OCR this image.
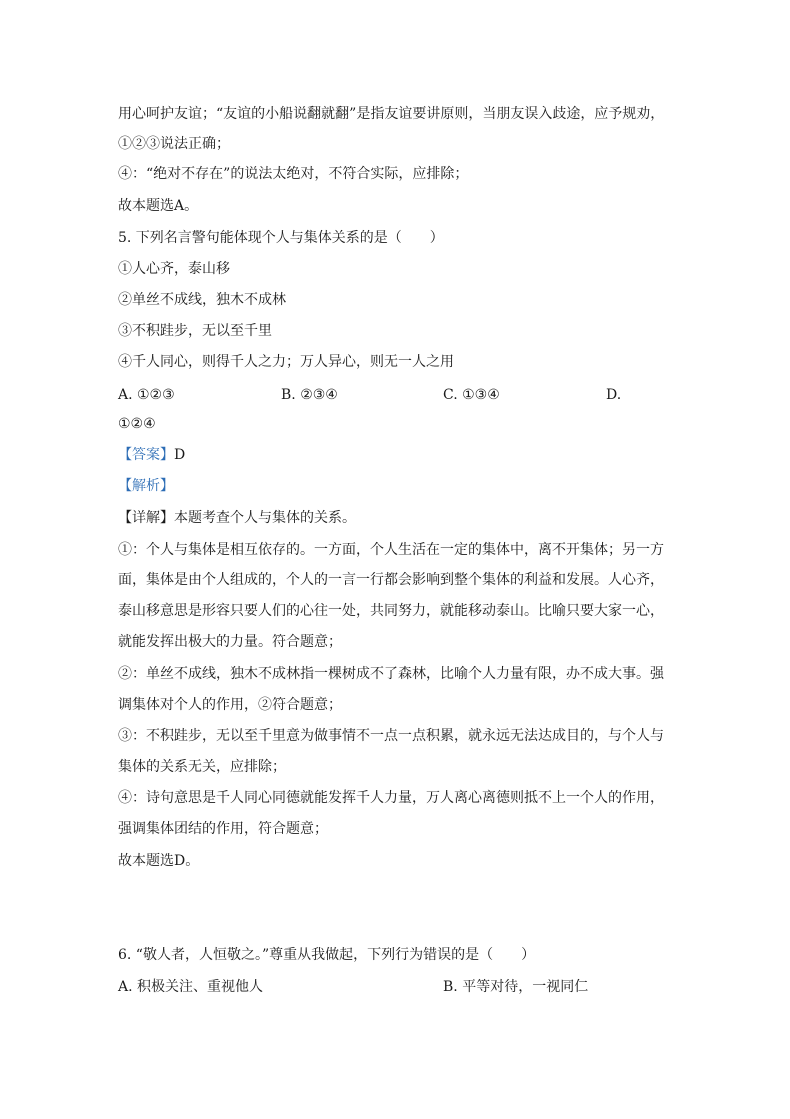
用心呵护友谊；“友谊的小船说翻就翻”是指友谊要讲原则，当朋友误入歧途，应予规劝，
①②③说法正确；
④：“绝对不存在”的说法太绝对，不符合实际，应排除；
故本题选A。
5. 下列名言警句能体现个人与集体关系的是（　　）
①人心齐，泰山移
②单丝不成线，独木不成林
③不积跬步，无以至千里
④千人同心，则得千人之力；万人异心，则无一人之用
A. ①②③	B. ②③④	C. ①③④	D.
①②④
【答案】D
【解析】
【详解】本题考查个人与集体的关系。
①：个人与集体是相互依存的。一方面，个人生活在一定的集体中，离不开集体；另一方
面，集体是由个人组成的，个人的一言一行都会影响到整个集体的利益和发展。人心齐，
泰山移意思是形容只要人们的心往一处，共同努力，就能移动泰山。比喻只要大家一心，
就能发挥出极大的力量。符合题意；
②：单丝不成线，独木不成林指一棵树成不了森林，比喻个人力量有限，办不成大事。强
调集体对个人的作用，②符合题意；
③：不积跬步，无以至千里意为做事情不一点一点积累，就永远无法达成目的，与个人与
集体的关系无关，应排除；
④：诗句意思是千人同心同德就能发挥千人力量，万人离心离德则抵不上一个人的作用，
强调集体团结的作用，符合题意；
故本题选D。
6. “敬人者，人恒敬之。”尊重从我做起，下列行为错误的是（　　）
A. 积极关注、重视他人	B. 平等对待，一视同仁
